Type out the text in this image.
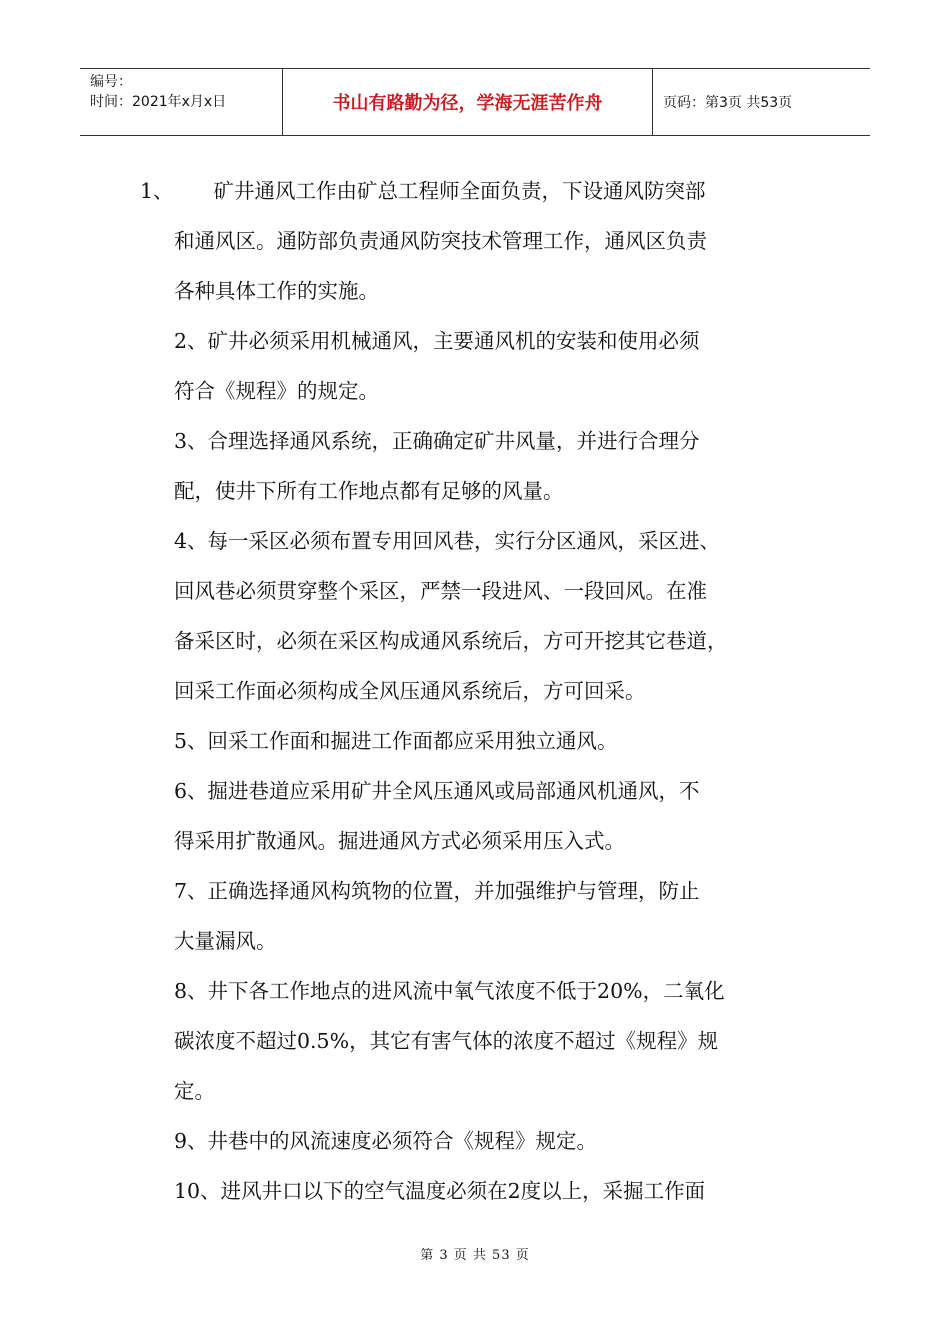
编号：
时间：2021年x月x日	书山有路勤为径，学海无涯苦作舟	页码：第3页 共53页

1、 矿井通风工作由矿总工程师全面负责，下设通风防突部
和通风区。通防部负责通风防突技术管理工作，通风区负责
各种具体工作的实施。

2、矿井必须采用机械通风，主要通风机的安装和使用必须
符合《规程》的规定。

3、合理选择通风系统，正确确定矿井风量，并进行合理分
配，使井下所有工作地点都有足够的风量。

4、每一采区必须布置专用回风巷，实行分区通风，采区进、
回风巷必须贯穿整个采区，严禁一段进风、一段回风。在准
备采区时，必须在采区构成通风系统后，方可开挖其它巷道，
回采工作面必须构成全风压通风系统后，方可回采。

5、回采工作面和掘进工作面都应采用独立通风。

6、掘进巷道应采用矿井全风压通风或局部通风机通风，不
得采用扩散通风。掘进通风方式必须采用压入式。

7、正确选择通风构筑物的位置，并加强维护与管理，防止
大量漏风。

8、井下各工作地点的进风流中氧气浓度不低于20%，二氧化
碳浓度不超过0.5%，其它有害气体的浓度不超过《规程》规
定。

9、井巷中的风流速度必须符合《规程》规定。

10、进风井口以下的空气温度必须在2度以上，采掘工作面

第 3 页 共 53 页
